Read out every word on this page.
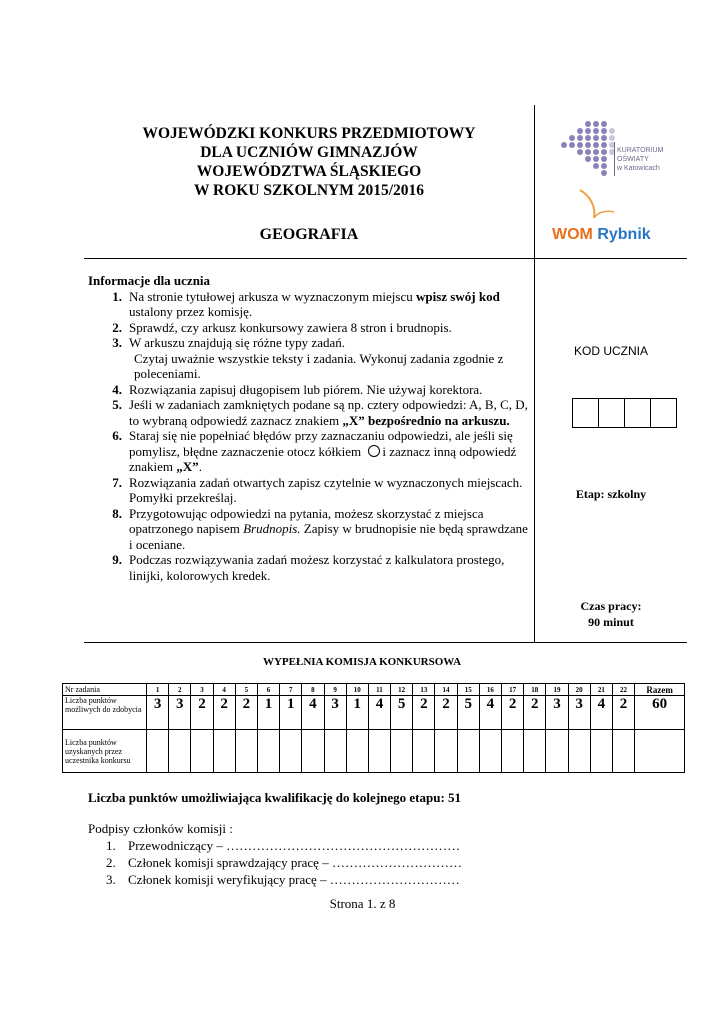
WOJEWÓDZKI KONKURS PRZEDMIOTOWY
DLA UCZNIÓW GIMNAZJÓW
WOJEWÓDZTWA ŚLĄSKIEGO
W ROKU SZKOLNYM 2015/2016
GEOGRAFIA
KURATORIUM
OŚWIATY
w Katowicach
WOM Rybnik
Informacje dla ucznia
1. Na stronie tytułowej arkusza w wyznaczonym miejscu wpisz swój kod ustalony przez komisję.
2. Sprawdź, czy arkusz konkursowy zawiera 8 stron i brudnopis.
3. W arkuszu znajdują się różne typy zadań.
Czytaj uważnie wszystkie teksty i zadania. Wykonuj zadania zgodnie z poleceniami.
4. Rozwiązania zapisuj długopisem lub piórem. Nie używaj korektora.
5. Jeśli w zadaniach zamkniętych podane są np. cztery odpowiedzi: A, B, C, D, to wybraną odpowiedź zaznacz znakiem „X” bezpośrednio na arkuszu.
6. Staraj się nie popełniać błędów przy zaznaczaniu odpowiedzi, ale jeśli się pomylisz, błędne zaznaczenie otocz kółkiem i zaznacz inną odpowiedź znakiem „X”.
7. Rozwiązania zadań otwartych zapisz czytelnie w wyznaczonych miejscach. Pomyłki przekreślaj.
8. Przygotowując odpowiedzi na pytania, możesz skorzystać z miejsca opatrzonego napisem Brudnopis. Zapisy w brudnopisie nie będą sprawdzane i oceniane.
9. Podczas rozwiązywania zadań możesz korzystać z kalkulatora prostego, linijki, kolorowych kredek.
KOD UCZNIA
Etap: szkolny
Czas pracy:
90 minut
WYPEŁNIA KOMISJA KONKURSOWA
Nr zadania	1	2	3	4	5	6	7	8	9	10	11	12	13	14	15	16	17	18	19	20	21	22	Razem
Liczba punktów możliwych do zdobycia	3	3	2	2	2	1	1	4	3	1	4	5	2	2	5	4	2	2	3	3	4	2	60
Liczba punktów uzyskanych przez uczestnika konkursu																							
Liczba punktów umożliwiająca kwalifikację do kolejnego etapu: 51
Podpisy członków komisji :
1. Przewodniczący – ………………………………………………
2. Członek komisji sprawdzający pracę – …………………………
3. Członek komisji weryfikujący pracę – …………………………
Strona 1. z 8
